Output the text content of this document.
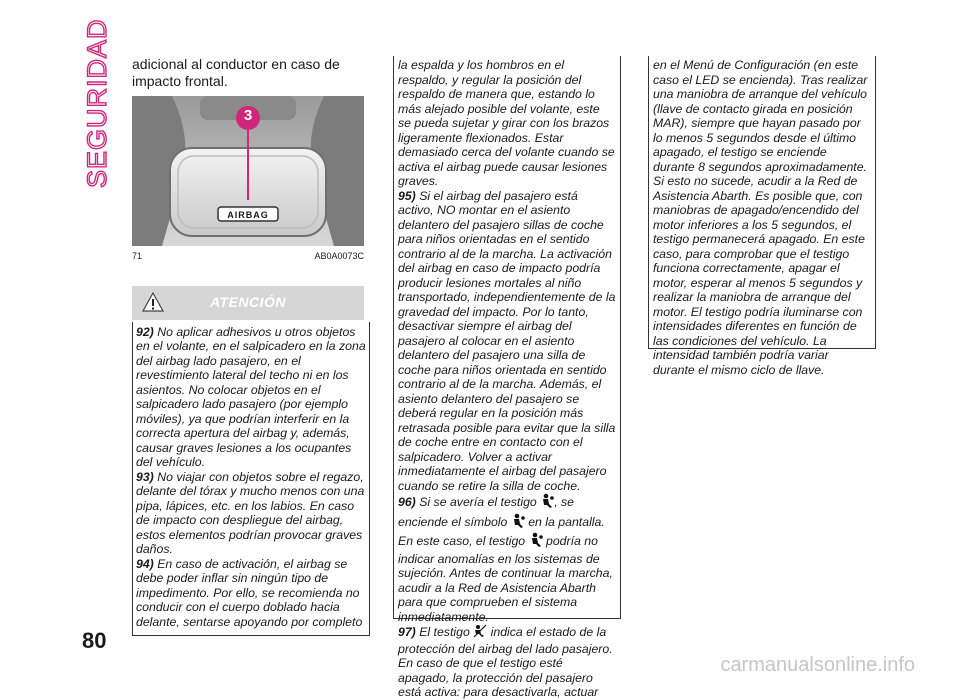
SEGURIDAD
80

adicional al conductor en caso de impacto frontal.

3
AIRBAG
71	AB0A0073C
ATENCIÓN

92) No aplicar adhesivos u otros objetos en el volante, en el salpicadero en la zona del airbag lado pasajero, en el revestimiento lateral del techo ni en los asientos. No colocar objetos en el salpicadero lado pasajero (por ejemplo móviles), ya que podrían interferir en la correcta apertura del airbag y, además, causar graves lesiones a los ocupantes del vehículo.

93) No viajar con objetos sobre el regazo, delante del tórax y mucho menos con una pipa, lápices, etc. en los labios. En caso de impacto con despliegue del airbag, estos elementos podrían provocar graves daños.

94) En caso de activación, el airbag se debe poder inflar sin ningún tipo de impedimento. Por ello, se recomienda no conducir con el cuerpo doblado hacia delante, sentarse apoyando por completo

la espalda y los hombros en el respaldo, y regular la posición del respaldo de manera que, estando lo más alejado posible del volante, este se pueda sujetar y girar con los brazos ligeramente flexionados. Estar demasiado cerca del volante cuando se activa el airbag puede causar lesiones graves.

95) Si el airbag del pasajero está activo, NO montar en el asiento delantero del pasajero sillas de coche para niños orientadas en el sentido contrario al de la marcha. La activación del airbag en caso de impacto podría producir lesiones mortales al niño transportado, independientemente de la gravedad del impacto. Por lo tanto, desactivar siempre el airbag del pasajero al colocar en el asiento delantero del pasajero una silla de coche para niños orientada en sentido contrario al de la marcha. Además, el asiento delantero del pasajero se deberá regular en la posición más retrasada posible para evitar que la silla de coche entre en contacto con el salpicadero. Volver a activar inmediatamente el airbag del pasajero cuando se retire la silla de coche.

96) Si se avería el testigo , se enciende el símbolo  en la pantalla. En este caso, el testigo  podría no indicar anomalías en los sistemas de sujeción. Antes de continuar la marcha, acudir a la Red de Asistencia Abarth para que comprueben el sistema inmediatamente.

97) El testigo  indica el estado de la protección del airbag del lado pasajero. En caso de que el testigo esté apagado, la protección del pasajero está activa: para desactivarla, actuar

en el Menú de Configuración (en este caso el LED se encienda). Tras realizar una maniobra de arranque del vehículo (llave de contacto girada en posición MAR), siempre que hayan pasado por lo menos 5 segundos desde el último apagado, el testigo se enciende durante 8 segundos aproximadamente. Si esto no sucede, acudir a la Red de Asistencia Abarth. Es posible que, con maniobras de apagado/encendido del motor inferiores a los 5 segundos, el testigo permanecerá apagado. En este caso, para comprobar que el testigo funciona correctamente, apagar el motor, esperar al menos 5 segundos y realizar la maniobra de arranque del motor. El testigo podría iluminarse con intensidades diferentes en función de las condiciones del vehículo. La intensidad también podría variar durante el mismo ciclo de llave.

carmanualsonline.info
